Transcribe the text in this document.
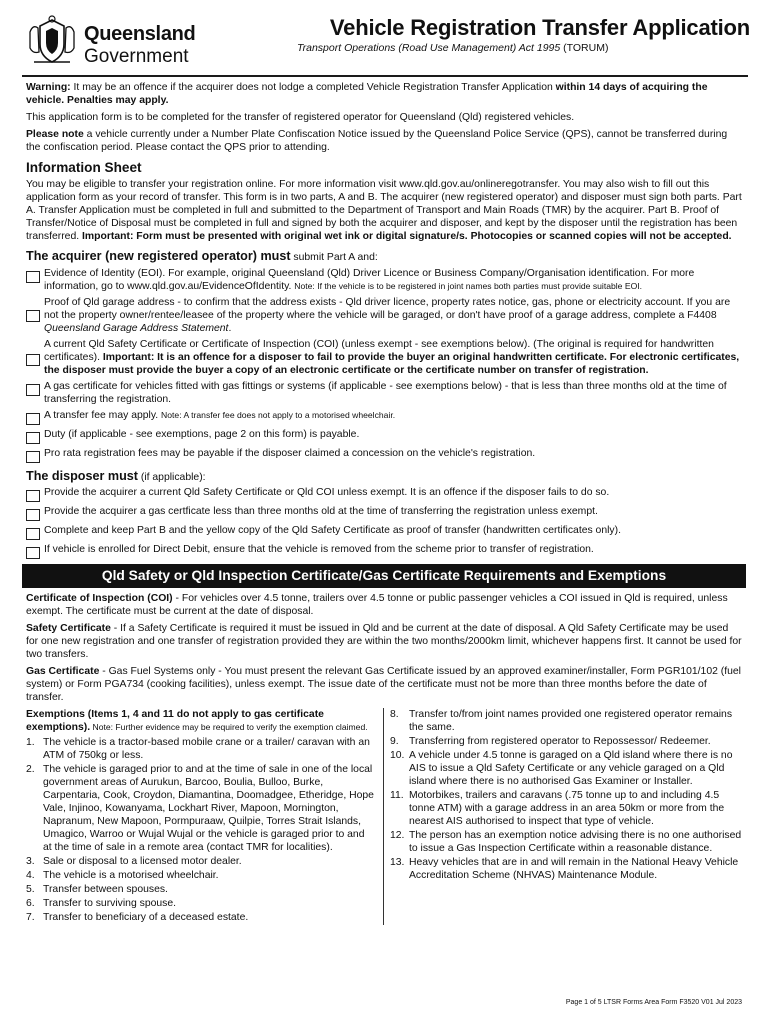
Queensland
Government
Vehicle Registration Transfer Application
Transport Operations (Road Use Management) Act 1995 (TORUM)

Warning: It may be an offence if the acquirer does not lodge a completed Vehicle Registration Transfer Application within 14 days of acquiring the vehicle. Penalties may apply.

This application form is to be completed for the transfer of registered operator for Queensland (Qld) registered vehicles.

Please note a vehicle currently under a Number Plate Confiscation Notice issued by the Queensland Police Service (QPS), cannot be transferred during the confiscation period. Please contact the QPS prior to attending.

Information Sheet

You may be eligible to transfer your registration online. For more information visit www.qld.gov.au/onlineregotransfer. You may also wish to fill out this application form as your record of transfer. This form is in two parts, A and B. The acquirer (new registered operator) and disposer must sign both parts. Part A. Transfer Application must be completed in full and submitted to the Department of Transport and Main Roads (TMR) by the acquirer. Part B. Proof of Transfer/Notice of Disposal must be completed in full and signed by both the acquirer and disposer, and kept by the disposer until the registration has been transferred. Important: Form must be presented with original wet ink or digital signature/s. Photocopies or scanned copies will not be accepted.

The acquirer (new registered operator) must submit Part A and:
Evidence of Identity (EOI). For example, original Queensland (Qld) Driver Licence or Business Company/Organisation identification. For more information, go to www.qld.gov.au/EvidenceOfIdentity. Note: If the vehicle is to be registered in joint names both parties must provide suitable EOI.
Proof of Qld garage address - to confirm that the address exists - Qld driver licence, property rates notice, gas, phone or electricity account. If you are not the property owner/rentee/leasee of the property where the vehicle will be garaged, or don't have proof of a garage address, complete a F4408 Queensland Garage Address Statement.
A current Qld Safety Certificate or Certificate of Inspection (COI) (unless exempt - see exemptions below). (The original is required for handwritten certificates). Important: It is an offence for a disposer to fail to provide the buyer an original handwritten certificate. For electronic certificates, the disposer must provide the buyer a copy of an electronic certificate or the certificate number on transfer of registration.
A gas certificate for vehicles fitted with gas fittings or systems (if applicable - see exemptions below) - that is less than three months old at the time of transferring the registration.
A transfer fee may apply. Note: A transfer fee does not apply to a motorised wheelchair.
Duty (if applicable - see exemptions, page 2 on this form) is payable.
Pro rata registration fees may be payable if the disposer claimed a concession on the vehicle's registration.
The disposer must (if applicable):
Provide the acquirer a current Qld Safety Certificate or Qld COI unless exempt. It is an offence if the disposer fails to do so.
Provide the acquirer a gas certficate less than three months old at the time of transferring the registration unless exempt.
Complete and keep Part B and the yellow copy of the Qld Safety Certificate as proof of transfer (handwritten certificates only).
If vehicle is enrolled for Direct Debit, ensure that the vehicle is removed from the scheme prior to transfer of registration.
Qld Safety or Qld Inspection Certificate/Gas Certificate Requirements and Exemptions

Certificate of Inspection (COI) - For vehicles over 4.5 tonne, trailers over 4.5 tonne or public passenger vehicles a COI issued in Qld is required, unless exempt. The certificate must be current at the date of disposal.

Safety Certificate - If a Safety Certificate is required it must be issued in Qld and be current at the date of disposal. A Qld Safety Certificate may be used for one new registration and one transfer of registration provided they are within the two months/2000km limit, whichever happens first. It cannot be used for two transfers.

Gas Certificate - Gas Fuel Systems only - You must present the relevant Gas Certificate issued by an approved examiner/installer, Form PGR101/102 (fuel system) or Form PGA734 (cooking facilities), unless exempt. The issue date of the certificate must not be more than three months before the date of transfer.

Exemptions (Items 1, 4 and 11 do not apply to gas certificate exemptions). Note: Further evidence may be required to verify the exemption claimed.

1. The vehicle is a tractor-based mobile crane or a trailer/ caravan with an ATM of 750kg or less.
2. The vehicle is garaged prior to and at the time of sale in one of the local government areas of Aurukun, Barcoo, Boulia, Bulloo, Burke, Carpentaria, Cook, Croydon, Diamantina, Doomadgee, Etheridge, Hope Vale, Injinoo, Kowanyama, Lockhart River, Mapoon, Mornington, Napranum, New Mapoon, Pormpuraaw, Quilpie, Torres Strait Islands, Umagico, Warroo or Wujal Wujal or the vehicle is garaged prior to and at the time of sale in a remote area (contact TMR for localities).
3. Sale or disposal to a licensed motor dealer.
4. The vehicle is a motorised wheelchair.
5. Transfer between spouses.
6. Transfer to surviving spouse.
7. Transfer to beneficiary of a deceased estate.
8. Transfer to/from joint names provided one registered operator remains the same.
9. Transferring from registered operator to Repossessor/ Redeemer.
10. A vehicle under 4.5 tonne is garaged on a Qld island where there is no AIS to issue a Qld Safety Certificate or any vehicle garaged on a Qld island where there is no authorised Gas Examiner or Installer.
11. Motorbikes, trailers and caravans (.75 tonne up to and including 4.5 tonne ATM) with a garage address in an area 50km or more from the nearest AIS authorised to inspect that type of vehicle.
12. The person has an exemption notice advising there is no one authorised to issue a Gas Inspection Certificate within a reasonable distance.
13. Heavy vehicles that are in and will remain in the National Heavy Vehicle Accreditation Scheme (NHVAS) Maintenance Module.
Page 1 of 5 LTSR Forms Area Form F3520 V01 Jul 2023
